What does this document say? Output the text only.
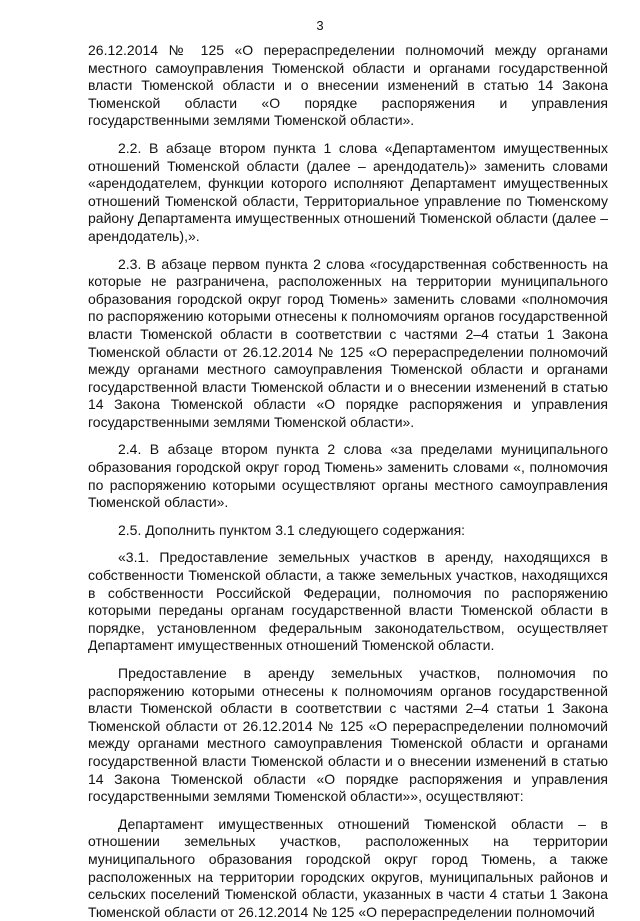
3

26.12.2014 № 125 «О перераспределении полномочий между органами местного самоуправления Тюменской области и органами государственной власти Тюменской области и о внесении изменений в статью 14 Закона Тюменской области «О порядке распоряжения и управления государственными землями Тюменской области».

2.2. В абзаце втором пункта 1 слова «Департаментом имущественных отношений Тюменской области (далее – арендодатель)» заменить словами «арендодателем, функции которого исполняют Департамент имущественных отношений Тюменской области, Территориальное управление по Тюменскому району Департамента имущественных отношений Тюменской области (далее – арендодатель),».

2.3. В абзаце первом пункта 2 слова «государственная собственность на которые не разграничена, расположенных на территории муниципального образования городской округ город Тюмень» заменить словами «полномочия по распоряжению которыми отнесены к полномочиям органов государственной власти Тюменской области в соответствии с частями 2–4 статьи 1 Закона Тюменской области от 26.12.2014 № 125 «О перераспределении полномочий между органами местного самоуправления Тюменской области и органами государственной власти Тюменской области и о внесении изменений в статью 14 Закона Тюменской области «О порядке распоряжения и управления государственными землями Тюменской области».

2.4. В абзаце втором пункта 2 слова «за пределами муниципального образования городской округ город Тюмень» заменить словами «, полномочия по распоряжению которыми осуществляют органы местного самоуправления Тюменской области».

2.5. Дополнить пунктом 3.1 следующего содержания:

«3.1. Предоставление земельных участков в аренду, находящихся в собственности Тюменской области, а также земельных участков, находящихся в собственности Российской Федерации, полномочия по распоряжению которыми переданы органам государственной власти Тюменской области в порядке, установленном федеральным законодательством, осуществляет Департамент имущественных отношений Тюменской области.

Предоставление в аренду земельных участков, полномочия по распоряжению которыми отнесены к полномочиям органов государственной власти Тюменской области в соответствии с частями 2–4 статьи 1 Закона Тюменской области от 26.12.2014 № 125 «О перераспределении полномочий между органами местного самоуправления Тюменской области и органами государственной власти Тюменской области и о внесении изменений в статью 14 Закона Тюменской области «О порядке распоряжения и управления государственными землями Тюменской области»», осуществляют:

Департамент имущественных отношений Тюменской области – в отношении земельных участков, расположенных на территории муниципального образования городской округ город Тюмень, а также расположенных на территории городских округов, муниципальных районов и сельских поселений Тюменской области, указанных в части 4 статьи 1 Закона Тюменской области от 26.12.2014 № 125 «О перераспределении полномочий
